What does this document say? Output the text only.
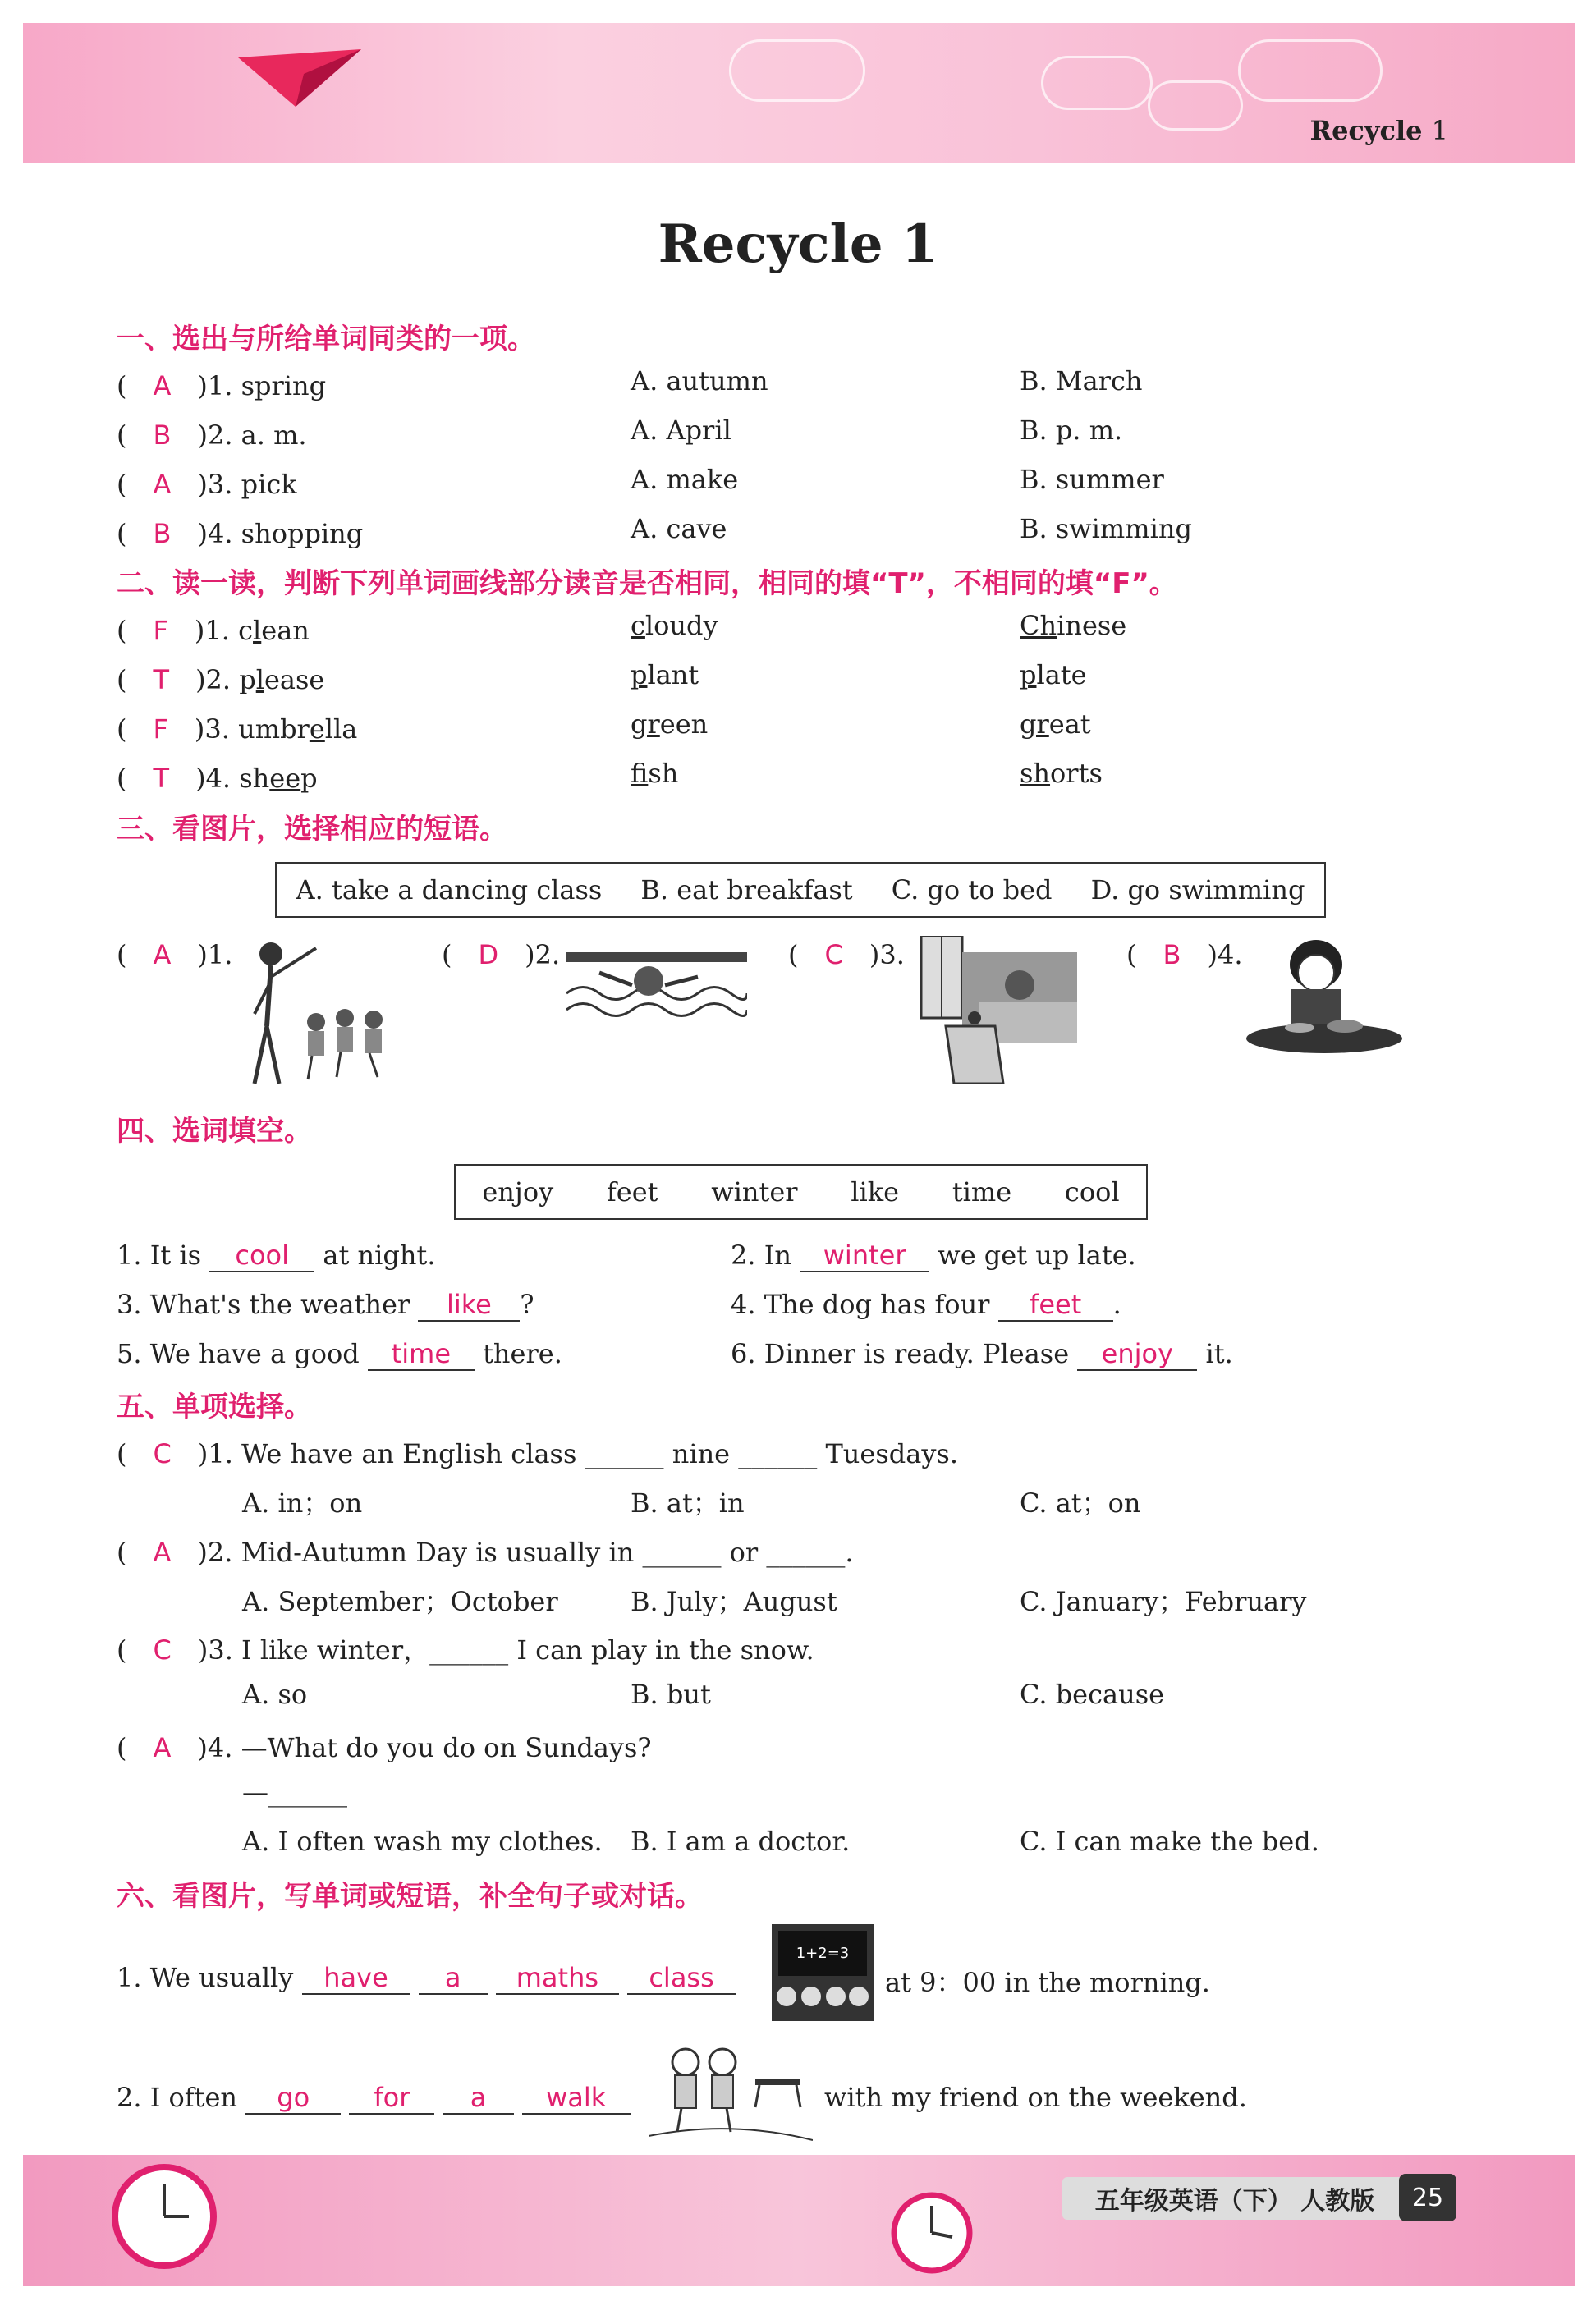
Recycle 1
Recycle 1
一、选出与所给单词同类的一项。
(　A　 )1. spring	A. autumn	B. March
(　B　 )2. a. m.	A. April	B. p. m.
(　A　 )3. pick	A. make	B. summer
(　B　 )4. shopping	A. cave	B. swimming
二、读一读，判断下列单词画线部分读音是否相同，相同的填“T”，不相同的填“F”。
(　F　 )1. clean	cloudy	Chinese
(　T　 )2. please	plant	plate
(　F　 )3. umbrella	green	great
(　T　 )4. sheep	fish	shorts
三、看图片，选择相应的短语。
A. take a dancing class B. eat breakfast C. go to bed D. go swimming
(　A　 )1.	(　D　 )2.	(　C　 )3.	(　B　 )4.
四、选词填空。
enjoy feet winter like time cool
1. It is cool at night.	2. In winter we get up late.
3. What's the weather like ?	4. The dog has four feet .
5. We have a good time there.	6. Dinner is ready. Please enjoy it.
五、单项选择。
(　C　 )1. We have an English class ______ nine ______ Tuesdays.
A. in；on	B. at；in	C. at；on
(　A　 )2. Mid-Autumn Day is usually in ______ or ______.
A. September；October	B. July；August	C. January；February
(　C　 )3. I like winter，______ I can play in the snow.
A. so	B. but	C. because
(　A　 )4. —What do you do on Sundays?
—______
A. I often wash my clothes. B. I am a doctor.	C. I can make the bed.
六、看图片，写单词或短语，补全句子或对话。
1. We usually have a maths class
1+2=3
at 9：00 in the morning.
2. I often go for a walk	with my friend on the weekend.
五年级英语（下） 人教版	25
